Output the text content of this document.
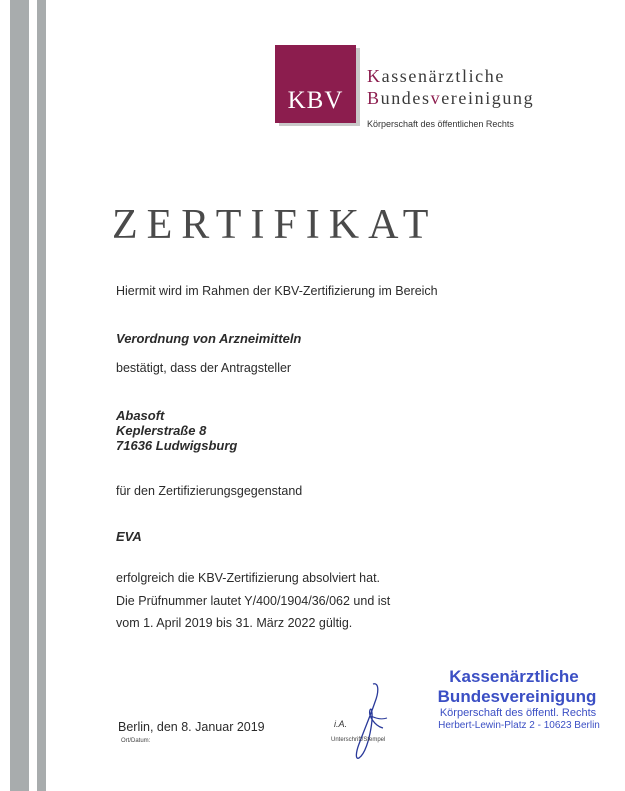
KBV
Kassenärztliche
Bundesvereinigung
Körperschaft des öffentlichen Rechts
ZERTIFIKAT
Hiermit wird im Rahmen der KBV-Zertifizierung im Bereich
Verordnung von Arzneimitteln
bestätigt, dass der Antragsteller
Abasoft
Keplerstraße 8
71636 Ludwigsburg
für den Zertifizierungsgegenstand
EVA
erfolgreich die KBV-Zertifizierung absolviert hat.
Die Prüfnummer lautet Y/400/1904/36/062 und ist
vom 1. April 2019 bis 31. März 2022 gültig.
Berlin, den 8. Januar 2019
Ort/Datum:
i.A.
Unterschrift/Stempel
Kassenärztliche
Bundesvereinigung
Körperschaft des öffentl. Rechts
Herbert-Lewin-Platz 2 - 10623 Berlin
